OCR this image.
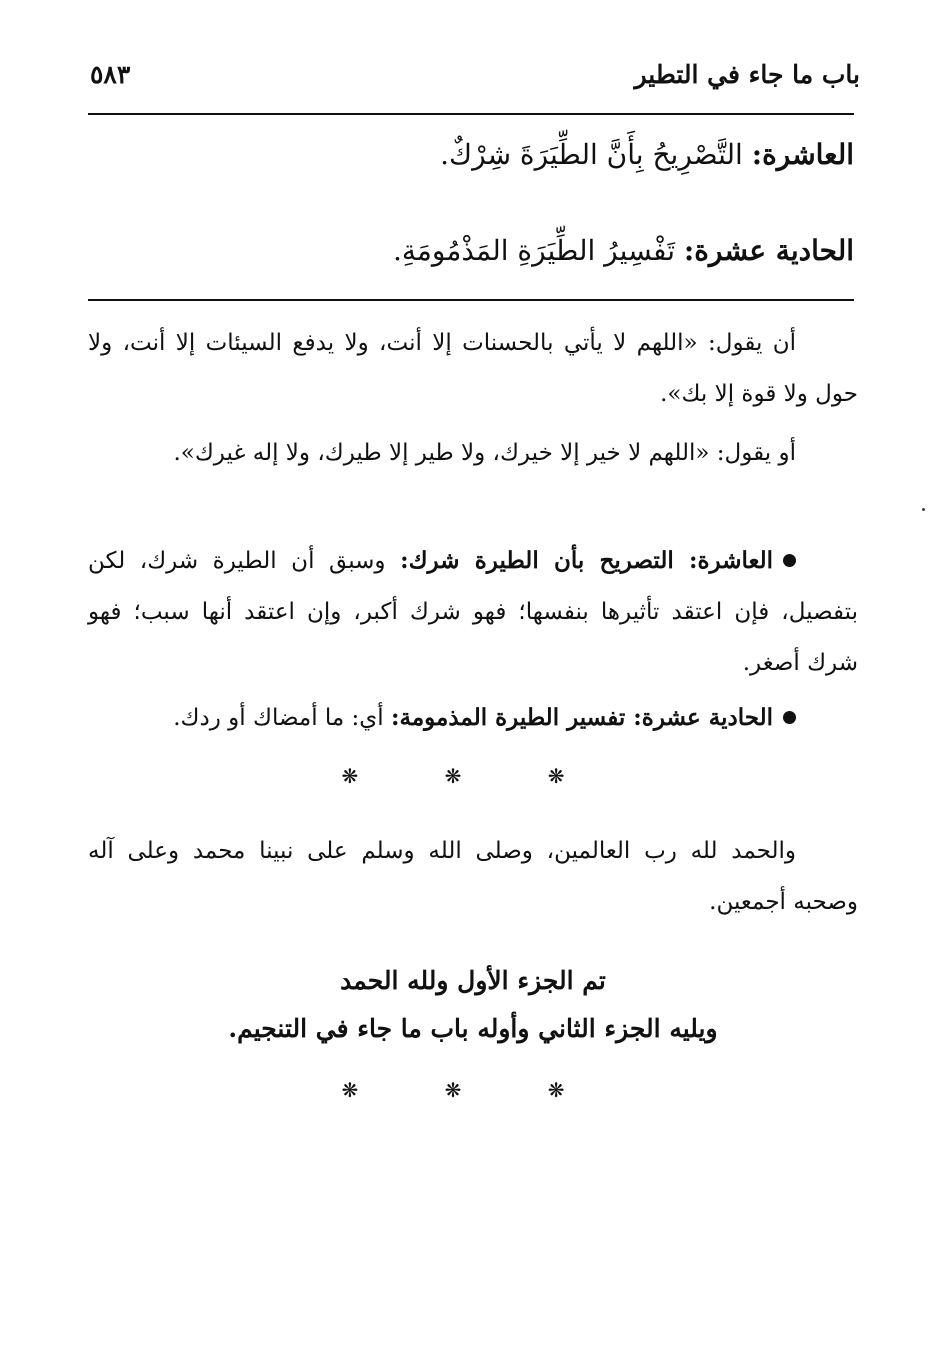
باب ما جاء في التطير
٥٨٣
العاشرة: التَّصْرِيحُ بِأَنَّ الطِّيَرَةَ شِرْكٌ.
الحادية عشرة: تَفْسِيرُ الطِّيَرَةِ المَذْمُومَةِ.
أن يقول: «اللهم لا يأتي بالحسنات إلا أنت، ولا يدفع السيئات إلا أنت، ولا حول ولا قوة إلا بك».
أو يقول: «اللهم لا خير إلا خيرك، ولا طير إلا طيرك، ولا إله غيرك».
العاشرة: التصريح بأن الطيرة شرك: وسبق أن الطيرة شرك، لكن بتفصيل، فإن اعتقد تأثيرها بنفسها؛ فهو شرك أكبر، وإن اعتقد أنها سبب؛ فهو شرك أصغر.
الحادية عشرة: تفسير الطيرة المذمومة: أي: ما أمضاك أو ردك.
❋ ❋ ❋
والحمد لله رب العالمين، وصلى الله وسلم على نبينا محمد وعلى آله وصحبه أجمعين.
تم الجزء الأول ولله الحمد
ويليه الجزء الثاني وأوله باب ما جاء في التنجيم.
❋ ❋ ❋
